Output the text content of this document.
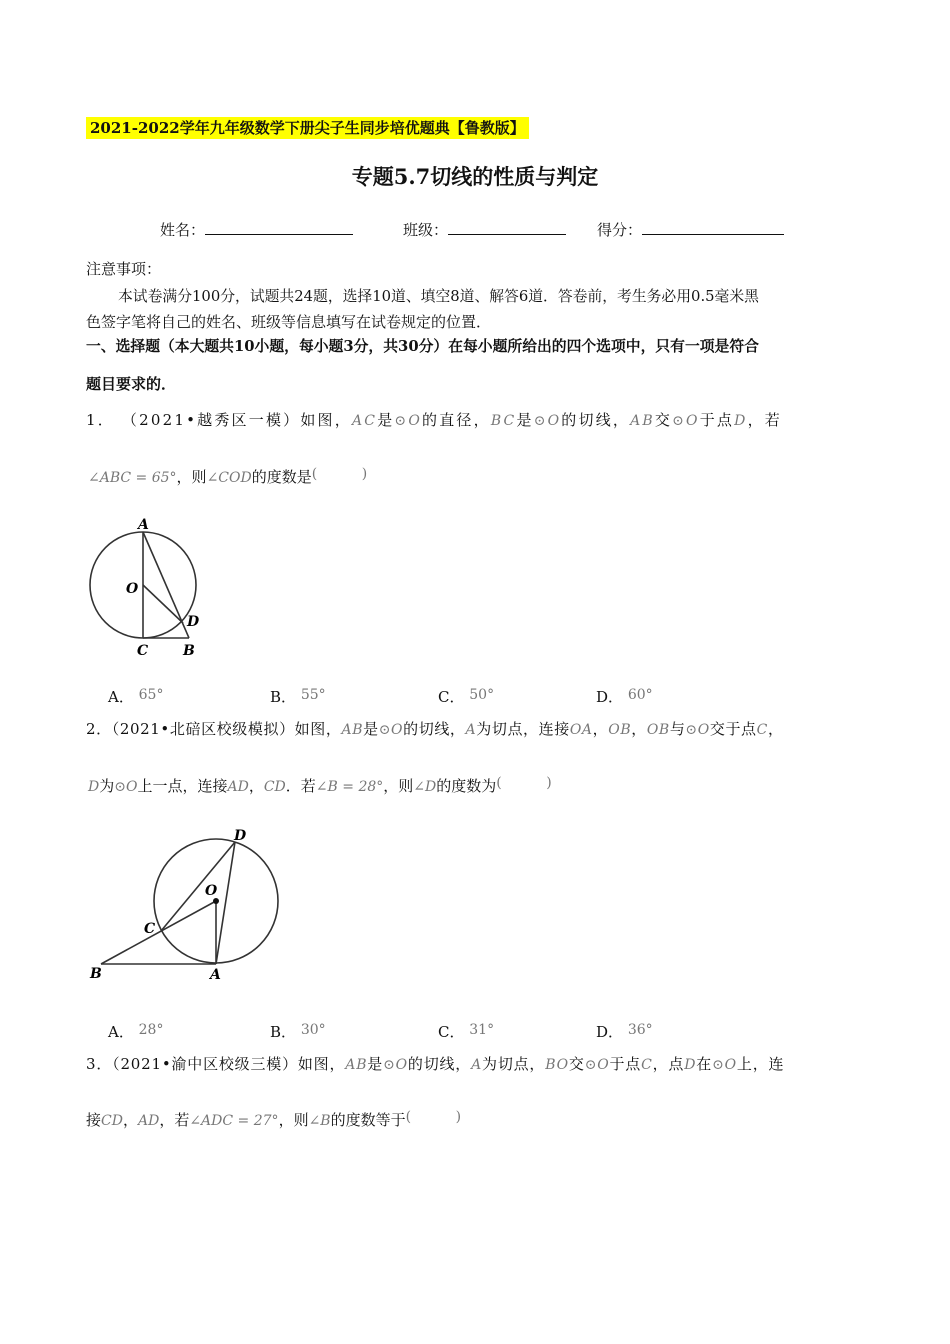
2021-2022学年九年级数学下册尖子生同步培优题典【鲁教版】
专题5.7切线的性质与判定
姓名：	班级：	得分：
注意事项：
本试卷满分100分，试题共24题，选择10道、填空8道、解答6道．答卷前，考生务必用0.5毫米黑
色签字笔将自己的姓名、班级等信息填写在试卷规定的位置．
一、选择题（本大题共10小题，每小题3分，共30分）在每小题所给出的四个选项中，只有一项是符合
题目要求的．
1． （2021•越秀区一模）如图，AC是⊙O的直径，BC是⊙O的切线，AB交⊙O于点D，若
∠ABC = 65°，则∠COD的度数是(          )
A
O
D
C B
A． 65°	B． 55°	C． 50°	D． 60°
2．（2021•北碚区校级模拟）如图，AB是⊙O的切线，A为切点，连接OA，OB，OB与⊙O交于点C，
D为⊙O上一点，连接AD，CD．若∠B = 28°，则∠D的度数为(          )
D
O
C
B	A
A． 28°	B． 30°	C． 31°	D． 36°
3．（2021•渝中区校级三模）如图，AB是⊙O的切线，A为切点，BO交⊙O于点C，点D在⊙O上，连
接CD，AD，若∠ADC = 27°，则∠B的度数等于(          )
